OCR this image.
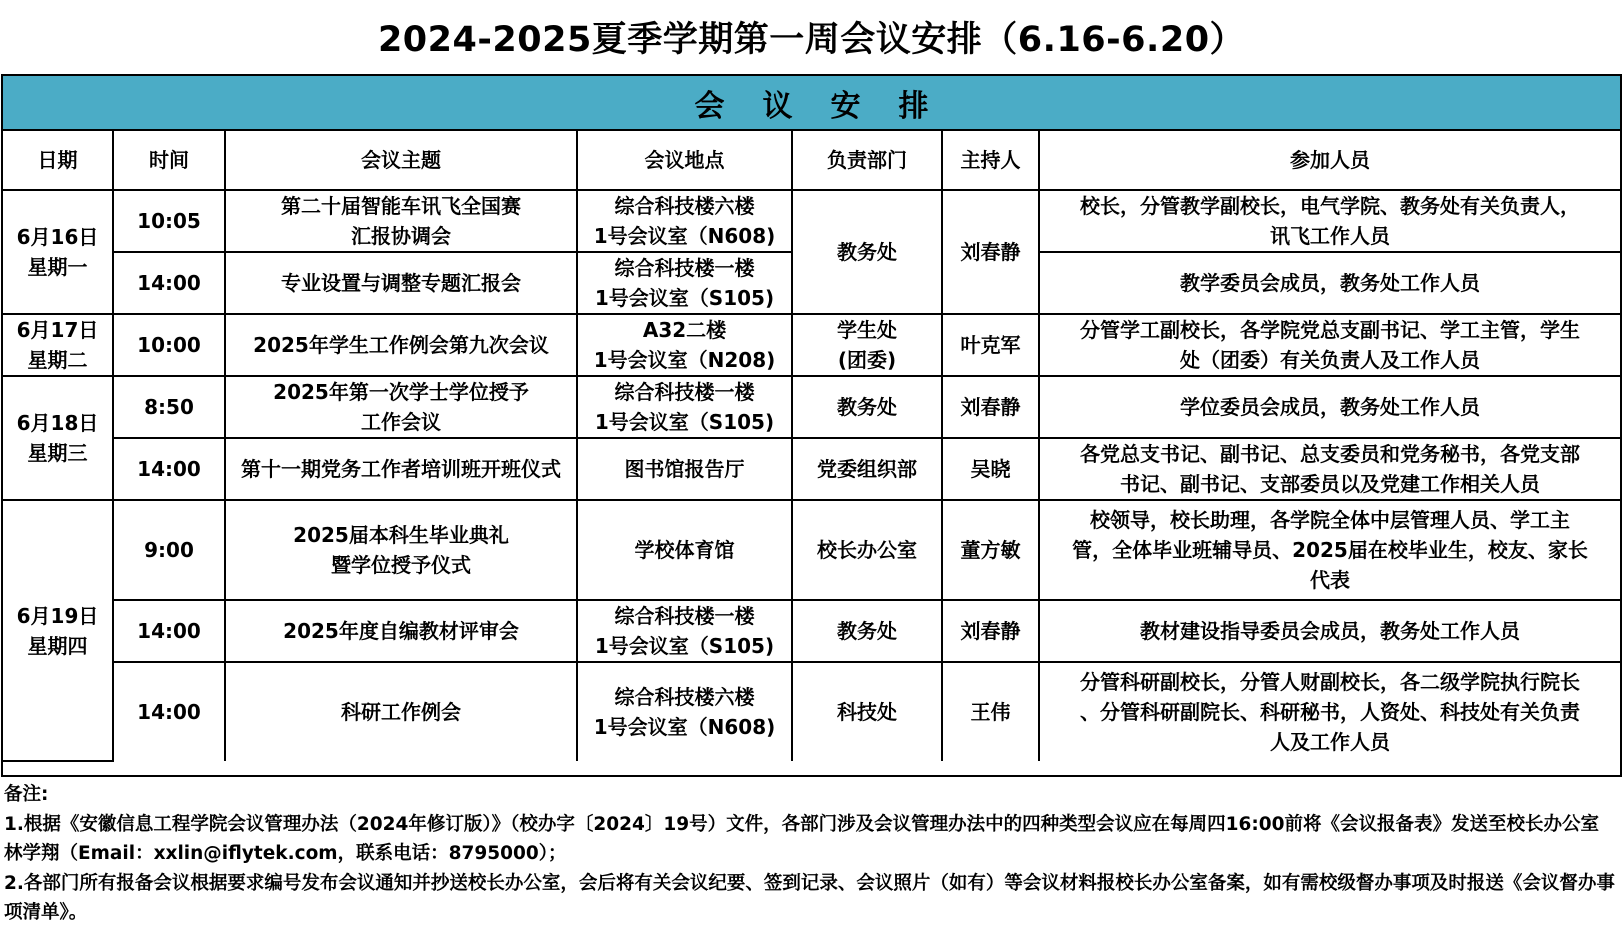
2024-2025夏季学期第一周会议安排（6.16-6.20）
会议安排
日期	时间	会议主题	会议地点	负责部门	主持人	参加人员

6月16日
星期一	10:05	第二十届智能车讯飞全国赛
汇报协调会	综合科技楼六楼
1号会议室（N608)	教务处	刘春静	校长，分管教学副校长，电气学院、教务处有关负责人，
讯飞工作人员

	14:00	专业设置与调整专题汇报会	综合科技楼一楼
1号会议室（S105)			教学委员会成员，教务处工作人员

6月17日
星期二	10:00	2025年学生工作例会第九次会议	A32二楼
1号会议室（N208)	学生处
(团委)	叶克军	分管学工副校长，各学院党总支副书记、学工主管，学生
处（团委）有关负责人及工作人员

6月18日
星期三	8:50	2025年第一次学士学位授予
工作会议	综合科技楼一楼
1号会议室（S105)	教务处	刘春静	学位委员会成员，教务处工作人员

	14:00	第十一期党务工作者培训班开班仪式	图书馆报告厅	党委组织部	吴晓	各党总支书记、副书记、总支委员和党务秘书，各党支部
书记、副书记、支部委员以及党建工作相关人员

6月19日
星期四	9:00	2025届本科生毕业典礼
暨学位授予仪式	学校体育馆	校长办公室	董方敏	校领导，校长助理，各学院全体中层管理人员、学工主
管，全体毕业班辅导员、2025届在校毕业生，校友、家长
代表

	14:00	2025年度自编教材评审会	综合科技楼一楼
1号会议室（S105)	教务处	刘春静	教材建设指导委员会成员，教务处工作人员

	14:00	科研工作例会	综合科技楼六楼
1号会议室（N608)	科技处	王伟	分管科研副校长，分管人财副校长，各二级学院执行院长
、分管科研副院长、科研秘书，人资处、科技处有关负责
人及工作人员

备注:

1.根据《安徽信息工程学院会议管理办法（2024年修订版）》（校办字〔2024〕19号）文件，各部门涉及会议管理办法中的四种类型会议应在每周四16:00前将《会议报备表》发送至校长办公室林学翔（Email：xxlin@iflytek.com，联系电话：8795000）；

2.各部门所有报备会议根据要求编号发布会议通知并抄送校长办公室，会后将有关会议纪要、签到记录、会议照片（如有）等会议材料报校长办公室备案，如有需校级督办事项及时报送《会议督办事项清单》。
